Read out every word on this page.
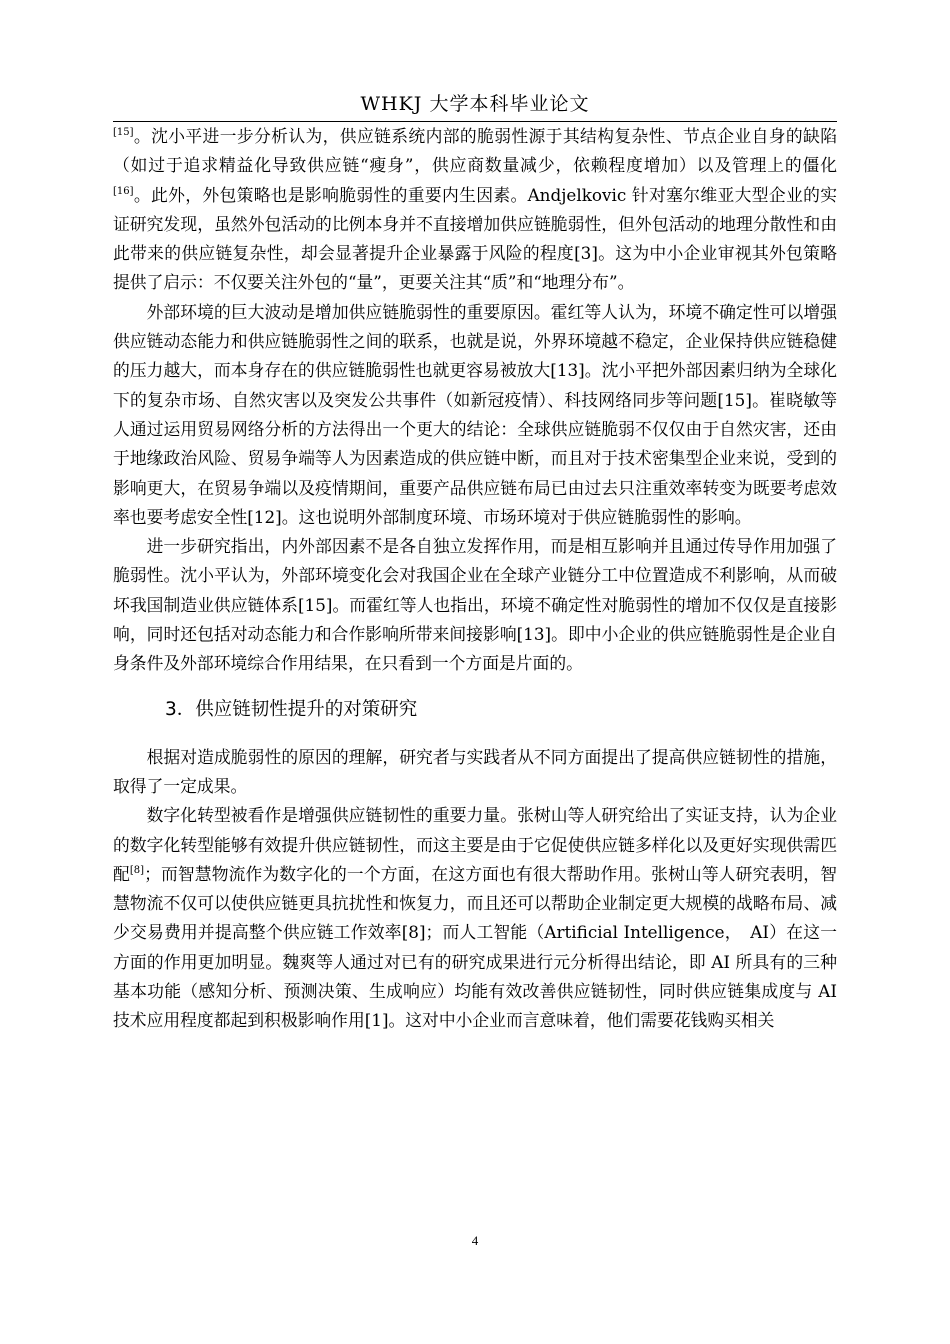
WHKJ 大学本科毕业论文

[15]。沈小平进一步分析认为，供应链系统内部的脆弱性源于其结构复杂性、节点企业自身的缺陷（如过于追求精益化导致供应链“瘦身”，供应商数量减少，依赖程度增加）以及管理上的僵化[16]。此外，外包策略也是影响脆弱性的重要内生因素。Andjelkovic 针对塞尔维亚大型企业的实证研究发现，虽然外包活动的比例本身并不直接增加供应链脆弱性，但外包活动的地理分散性和由此带来的供应链复杂性，却会显著提升企业暴露于风险的程度[3]。这为中小企业审视其外包策略提供了启示：不仅要关注外包的“量”，更要关注其“质”和“地理分布”。

外部环境的巨大波动是增加供应链脆弱性的重要原因。霍红等人认为，环境不确定性可以增强供应链动态能力和供应链脆弱性之间的联系，也就是说，外界环境越不稳定，企业保持供应链稳健的压力越大，而本身存在的供应链脆弱性也就更容易被放大[13]。沈小平把外部因素归纳为全球化下的复杂市场、自然灾害以及突发公共事件（如新冠疫情）、科技网络同步等问题[15]。崔晓敏等人通过运用贸易网络分析的方法得出一个更大的结论：全球供应链脆弱不仅仅由于自然灾害，还由于地缘政治风险、贸易争端等人为因素造成的供应链中断，而且对于技术密集型企业来说，受到的影响更大，在贸易争端以及疫情期间，重要产品供应链布局已由过去只注重效率转变为既要考虑效率也要考虑安全性[12]。这也说明外部制度环境、市场环境对于供应链脆弱性的影响。

进一步研究指出，内外部因素不是各自独立发挥作用，而是相互影响并且通过传导作用加强了脆弱性。沈小平认为，外部环境变化会对我国企业在全球产业链分工中位置造成不利影响，从而破坏我国制造业供应链体系[15]。而霍红等人也指出，环境不确定性对脆弱性的增加不仅仅是直接影响，同时还包括对动态能力和合作影响所带来间接影响[13]。即中小企业的供应链脆弱性是企业自身条件及外部环境综合作用结果，在只看到一个方面是片面的。

3．供应链韧性提升的对策研究

根据对造成脆弱性的原因的理解，研究者与实践者从不同方面提出了提高供应链韧性的措施，取得了一定成果。

数字化转型被看作是增强供应链韧性的重要力量。张树山等人研究给出了实证支持，认为企业的数字化转型能够有效提升供应链韧性，而这主要是由于它促使供应链多样化以及更好实现供需匹配[8]；而智慧物流作为数字化的一个方面，在这方面也有很大帮助作用。张树山等人研究表明，智慧物流不仅可以使供应链更具抗扰性和恢复力，而且还可以帮助企业制定更大规模的战略布局、减少交易费用并提高整个供应链工作效率[8]；而人工智能（Artificial Intelligence，　AI）在这一方面的作用更加明显。魏爽等人通过对已有的研究成果进行元分析得出结论，即 AI 所具有的三种基本功能（感知分析、预测决策、生成响应）均能有效改善供应链韧性，同时供应链集成度与 AI 技术应用程度都起到积极影响作用[1]。这对中小企业而言意味着，他们需要花钱购买相关

4
